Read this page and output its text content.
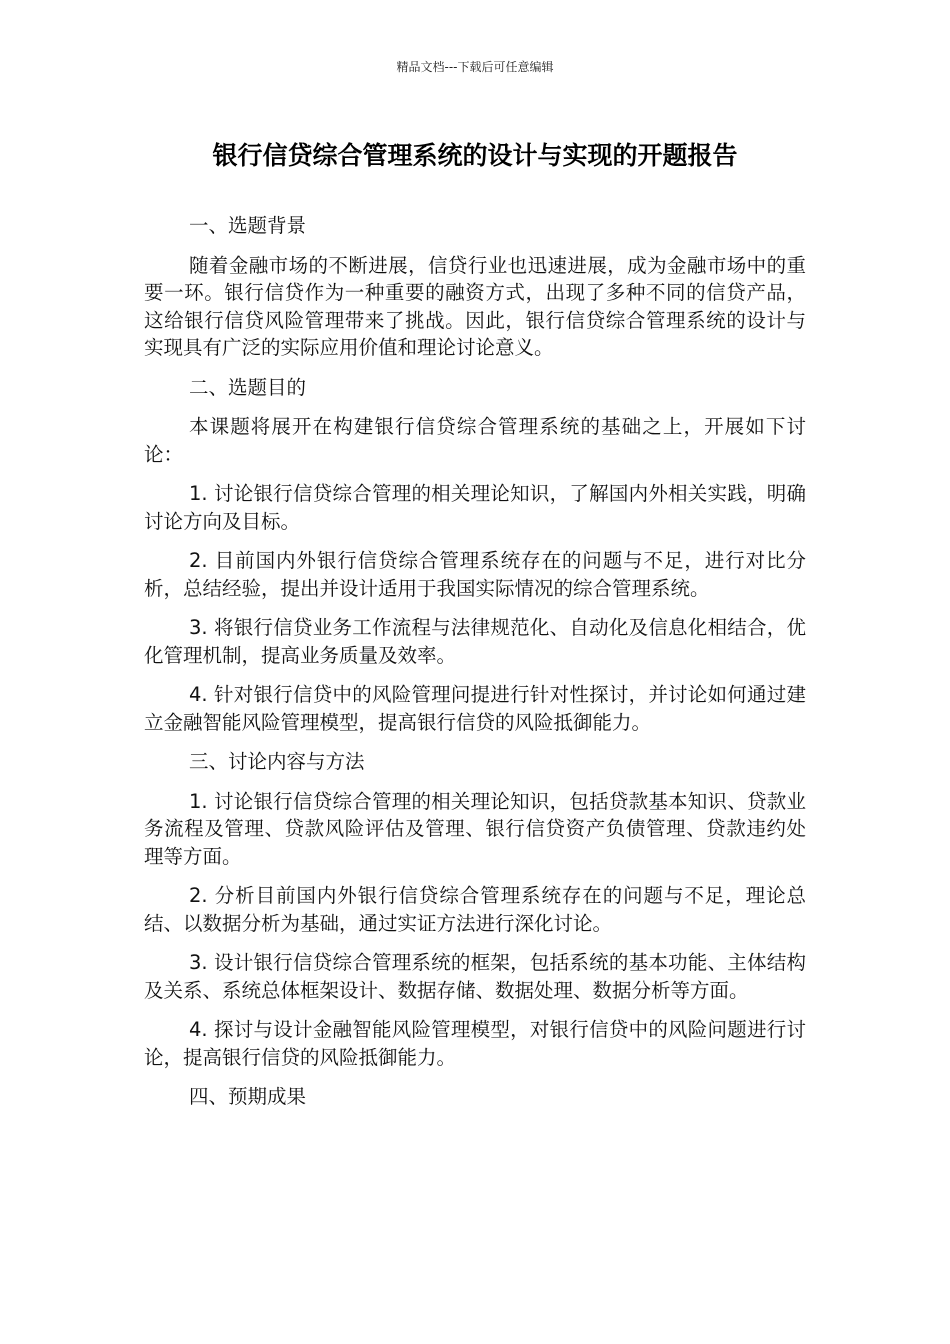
精品文档---下载后可任意编辑
银行信贷综合管理系统的设计与实现的开题报告

一、选题背景

随着金融市场的不断进展，信贷行业也迅速进展，成为金融市场中的重要一环。银行信贷作为一种重要的融资方式，出现了多种不同的信贷产品，这给银行信贷风险管理带来了挑战。因此，银行信贷综合管理系统的设计与实现具有广泛的实际应用价值和理论讨论意义。

二、选题目的

本课题将展开在构建银行信贷综合管理系统的基础之上，开展如下讨论：

1. 讨论银行信贷综合管理的相关理论知识，了解国内外相关实践，明确讨论方向及目标。

2. 目前国内外银行信贷综合管理系统存在的问题与不足，进行对比分析，总结经验，提出并设计适用于我国实际情况的综合管理系统。

3. 将银行信贷业务工作流程与法律规范化、自动化及信息化相结合，优化管理机制，提高业务质量及效率。

4. 针对银行信贷中的风险管理问提进行针对性探讨，并讨论如何通过建立金融智能风险管理模型，提高银行信贷的风险抵御能力。

三、讨论内容与方法

1. 讨论银行信贷综合管理的相关理论知识，包括贷款基本知识、贷款业务流程及管理、贷款风险评估及管理、银行信贷资产负债管理、贷款违约处理等方面。

2. 分析目前国内外银行信贷综合管理系统存在的问题与不足，理论总结、以数据分析为基础，通过实证方法进行深化讨论。

3. 设计银行信贷综合管理系统的框架，包括系统的基本功能、主体结构及关系、系统总体框架设计、数据存储、数据处理、数据分析等方面。

4. 探讨与设计金融智能风险管理模型，对银行信贷中的风险问题进行讨论，提高银行信贷的风险抵御能力。

四、预期成果
